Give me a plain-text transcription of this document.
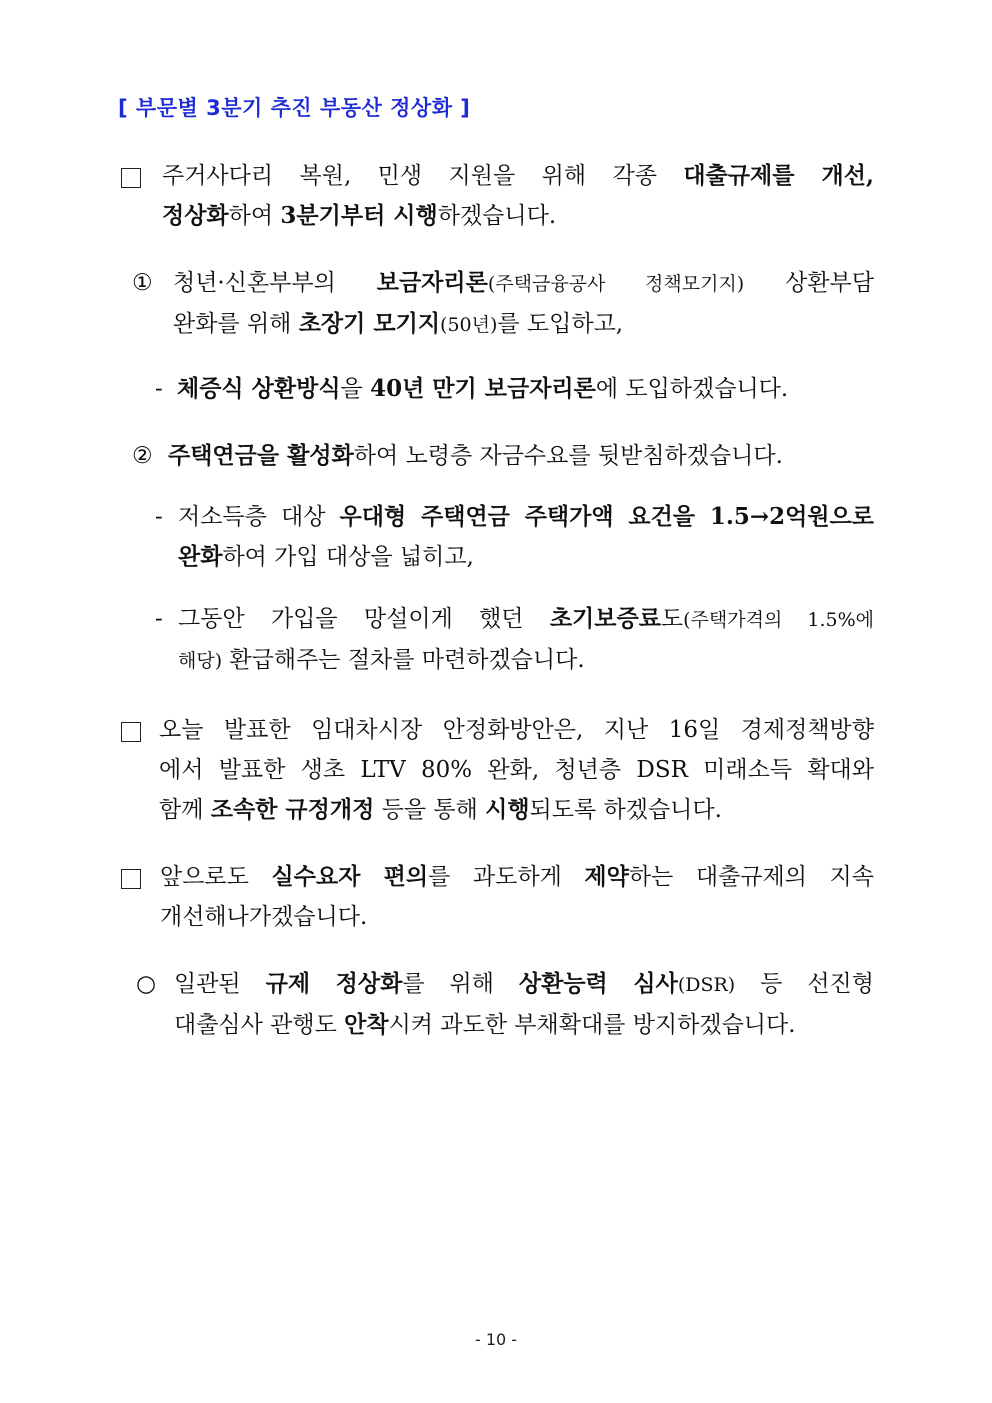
[ 부문별 3분기 추진 부동산 정상화 ]
주거사다리 복원, 민생 지원을 위해 각종 대출규제를 개선,
정상화하여 3분기부터 시행하겠습니다.
① 청년·신혼부부의 보금자리론(주택금융공사 정책모기지) 상환부담
완화를 위해 초장기 모기지(50년)를 도입하고,
- 체증식 상환방식을 40년 만기 보금자리론에 도입하겠습니다.
② 주택연금을 활성화하여 노령층 자금수요를 뒷받침하겠습니다.
- 저소득층 대상 우대형 주택연금 주택가액 요건을 1.5→2억원으로
완화하여 가입 대상을 넓히고,
- 그동안 가입을 망설이게 했던 초기보증료도(주택가격의 1.5%에
해당) 환급해주는 절차를 마련하겠습니다.
오늘 발표한 임대차시장 안정화방안은, 지난 16일 경제정책방향
에서 발표한 생초 LTV 80% 완화, 청년층 DSR 미래소득 확대와
함께 조속한 규정개정 등을 통해 시행되도록 하겠습니다.
앞으로도 실수요자 편의를 과도하게 제약하는 대출규제의 지속
개선해나가겠습니다.
○ 일관된 규제 정상화를 위해 상환능력 심사(DSR) 등 선진형
대출심사 관행도 안착시켜 과도한 부채확대를 방지하겠습니다.
- 10 -
